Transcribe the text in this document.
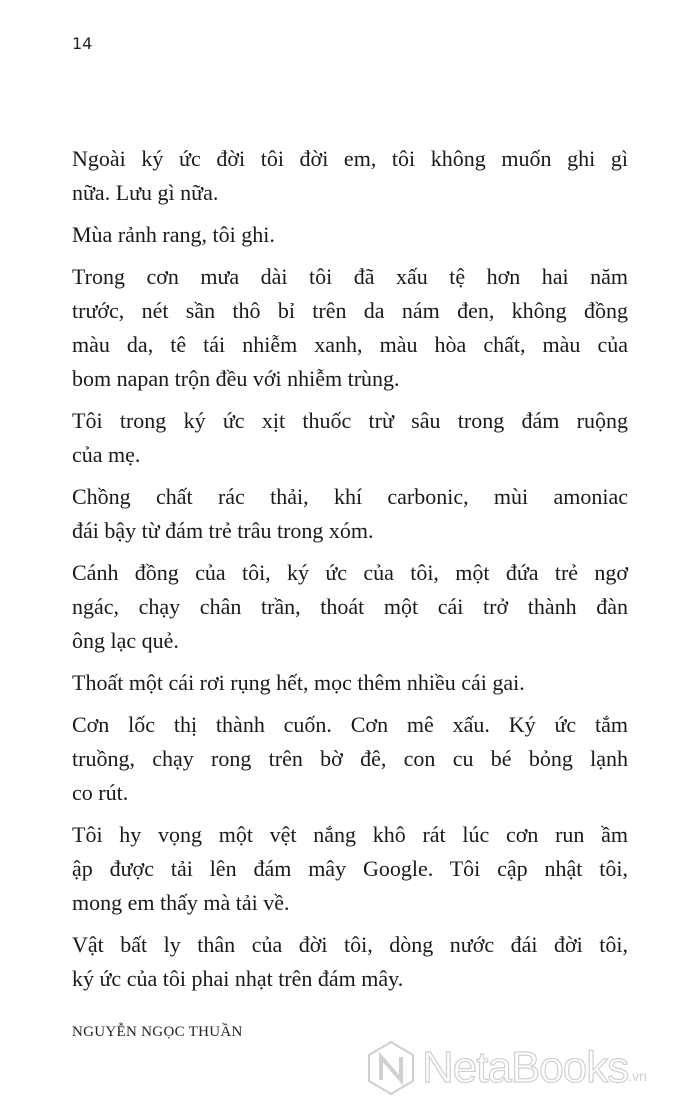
14
Ngoài ký ức đời tôi đời em, tôi không muốn ghi gì
nữa. Lưu gì nữa.
Mùa rảnh rang, tôi ghi.
Trong cơn mưa dài tôi đã xấu tệ hơn hai năm
trước, nét sần thô bỉ trên da nám đen, không đồng
màu da, tê tái nhiễm xanh, màu hòa chất, màu của
bom napan trộn đều với nhiễm trùng.
Tôi trong ký ức xịt thuốc trừ sâu trong đám ruộng
của mẹ.
Chồng chất rác thải, khí carbonic, mùi amoniac
đái bậy từ đám trẻ trâu trong xóm.
Cánh đồng của tôi, ký ức của tôi, một đứa trẻ ngơ
ngác, chạy chân trần, thoát một cái trở thành đàn
ông lạc quẻ.
Thoất một cái rơi rụng hết, mọc thêm nhiều cái gai.
Cơn lốc thị thành cuốn. Cơn mê xấu. Ký ức tắm
truồng, chạy rong trên bờ đê, con cu bé bỏng lạnh
co rút.
Tôi hy vọng một vệt nắng khô rát lúc cơn run ầm
ập được tải lên đám mây Google. Tôi cập nhật tôi,
mong em thấy mà tải về.
Vật bất ly thân của đời tôi, dòng nước đái đời tôi,
ký ức của tôi phai nhạt trên đám mây.
NGUYỄN NGỌC THUẦN
NetaBooks .vn
